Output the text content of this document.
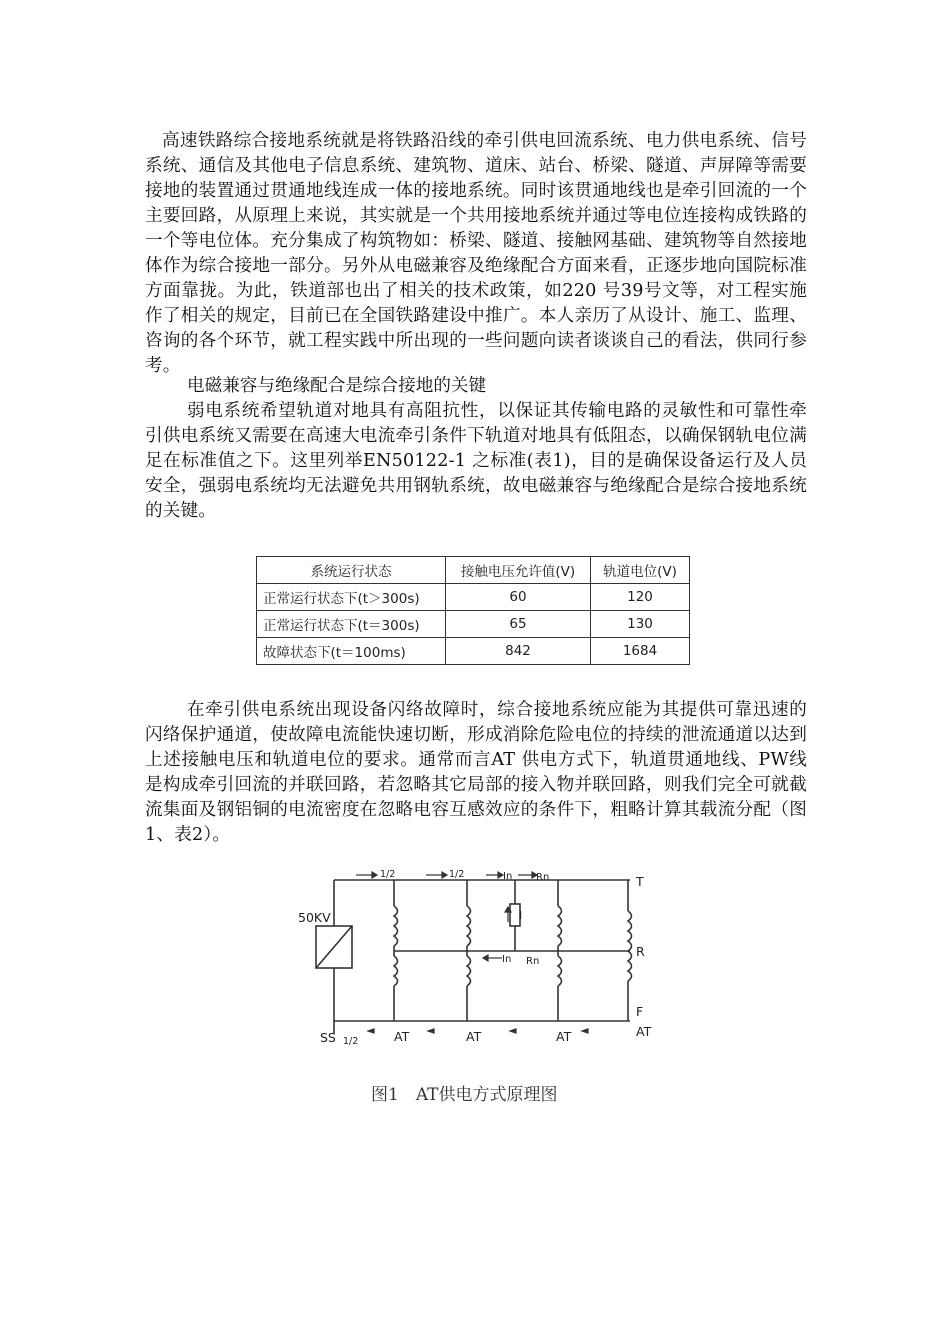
高速铁路综合接地系统就是将铁路沿线的牵引供电回流系统、电力供电系统、信号系统、通信及其他电子信息系统、建筑物、道床、站台、桥梁、隧道、声屏障等需要接地的装置通过贯通地线连成一体的接地系统。同时该贯通地线也是牵引回流的一个主要回路，从原理上来说，其实就是一个共用接地系统并通过等电位连接构成铁路的一个等电位体。充分集成了构筑物如：桥梁、隧道、接触网基础、建筑物等自然接地体作为综合接地一部分。另外从电磁兼容及绝缘配合方面来看，正逐步地向国院标准方面靠拢。为此，铁道部也出了相关的技术政策，如220 号39号文等，对工程实施作了相关的规定，目前已在全国铁路建设中推广。本人亲历了从设计、施工、监理、咨询的各个环节，就工程实践中所出现的一些问题向读者谈谈自己的看法，供同行参考。

电磁兼容与绝缘配合是综合接地的关键

弱电系统希望轨道对地具有高阻抗性，以保证其传输电路的灵敏性和可靠性牵引供电系统又需要在高速大电流牵引条件下轨道对地具有低阻态，以确保钢轨电位满足在标准值之下。这里列举EN50122-1 之标准(表1)，目的是确保设备运行及人员安全，强弱电系统均无法避免共用钢轨系统，故电磁兼容与绝缘配合是综合接地系统的关键。

系统运行状态	接触电压允许值(V)	轨道电位(V)
正常运行状态下(t＞300s)	60	120
正常运行状态下(t＝300s)	65	130
故障状态下(t＝100ms)	842	1684

在牵引供电系统出现设备闪络故障时，综合接地系统应能为其提供可靠迅速的闪络保护通道，使故障电流能快速切断，形成消除危险电位的持续的泄流通道以达到上述接触电压和轨道电位的要求。通常而言AT 供电方式下，轨道贯通地线、PW线是构成牵引回流的并联回路，若忽略其它局部的接入物并联回路，则我们完全可就截流集面及钢铝铜的电流密度在忽略电容互感效应的条件下，粗略计算其载流分配（图1、表2）。

50KV
T
R
F
AT
AT	AT	AT
SS
1/2	1/2
1/2
In Rn
I
In Rn
图1　AT供电方式原理图
